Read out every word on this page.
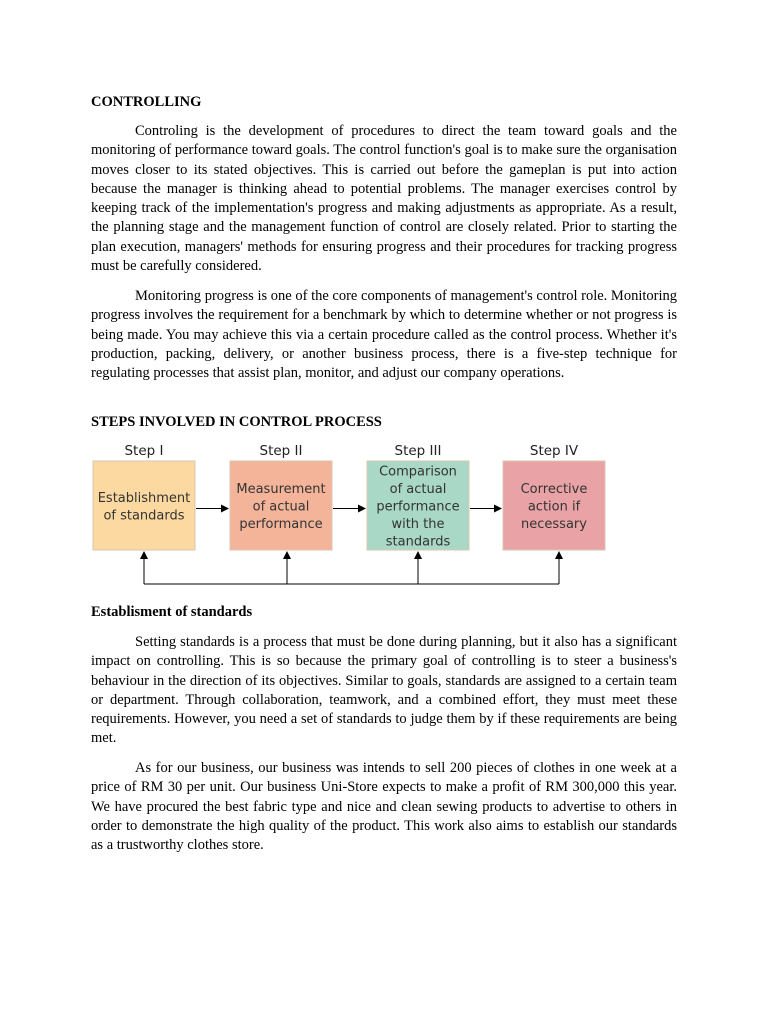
CONTROLLING

Controling is the development of procedures to direct the team toward goals and the monitoring of performance toward goals. The control function's goal is to make sure the organisation moves closer to its stated objectives. This is carried out before the gameplan is put into action because the manager is thinking ahead to potential problems. The manager exercises control by keeping track of the implementation's progress and making adjustments as appropriate. As a result, the planning stage and the management function of control are closely related. Prior to starting the plan execution, managers' methods for ensuring progress and their procedures for tracking progress must be carefully considered.

Monitoring progress is one of the core components of management's control role. Monitoring progress involves the requirement for a benchmark by which to determine whether or not progress is being made. You may achieve this via a certain procedure called as the control process. Whether it's production, packing, delivery, or another business process, there is a five-step technique for regulating processes that assist plan, monitor, and adjust our company operations.

STEPS INVOLVED IN CONTROL PROCESS
Step I
Establishment
of standards
Step II
Measurement
of actual
performance
Step III
Comparison
of actual
performance
with the
standards
Step IV
Corrective
action if
necessary
Establisment of standards

Setting standards is a process that must be done during planning, but it also has a significant impact on controlling. This is so because the primary goal of controlling is to steer a business's behaviour in the direction of its objectives. Similar to goals, standards are assigned to a certain team or department. Through collaboration, teamwork, and a combined effort, they must meet these requirements. However, you need a set of standards to judge them by if these requirements are being met.

As for our business, our business was intends to sell 200 pieces of clothes in one week at a price of RM 30 per unit. Our business Uni-Store expects to make a profit of RM 300,000 this year. We have procured the best fabric type and nice and clean sewing products to advertise to others in order to demonstrate the high quality of the product. This work also aims to establish our standards as a trustworthy clothes store.
